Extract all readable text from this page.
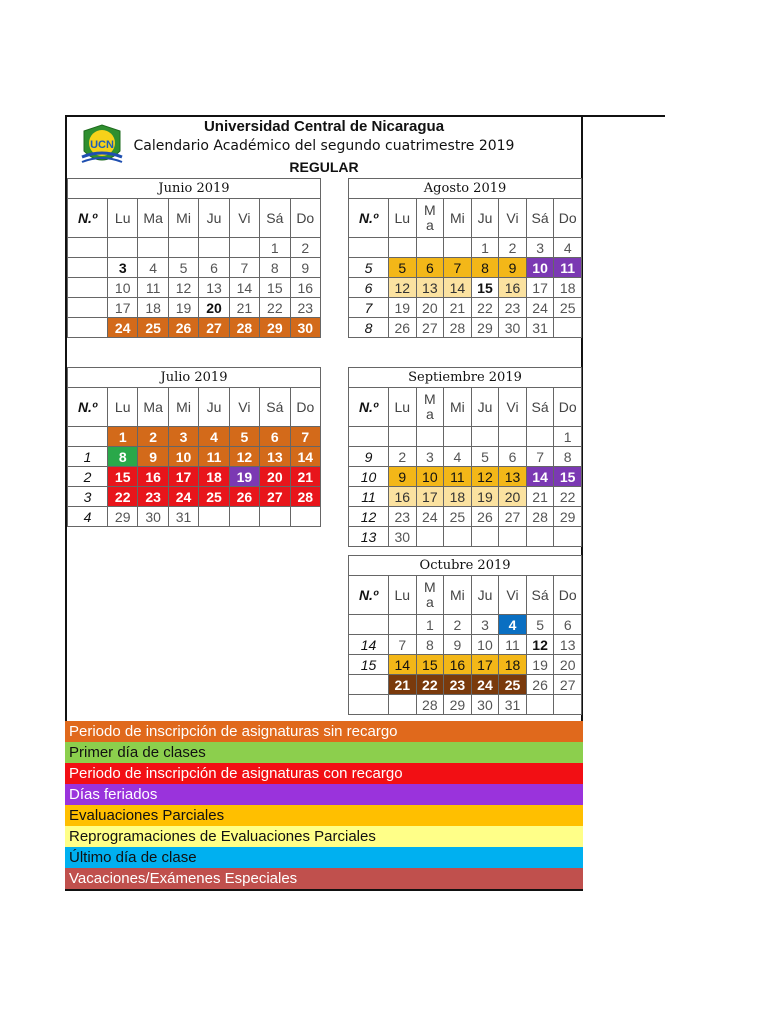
UCN
Universidad Central de Nicaragua
Calendario Académico del segundo cuatrimestre 2019
REGULAR
Junio 2019							
N.º	Lu	Ma	Mi	Ju	Vi	Sá	Do
						1	2
	3	4	5	6	7	8	9
	10	11	12	13	14	15	16
	17	18	19	20	21	22	23
	24	25	26	27	28	29	30
Agosto 2019							
N.º	Lu	M
a	Mi	Ju	Vi	Sá	Do
				1	2	3	4
5	5	6	7	8	9	10	11
6	12	13	14	15	16	17	18
7	19	20	21	22	23	24	25
8	26	27	28	29	30	31	
Julio 2019							
N.º	Lu	Ma	Mi	Ju	Vi	Sá	Do
	1	2	3	4	5	6	7
1	8	9	10	11	12	13	14
2	15	16	17	18	19	20	21
3	22	23	24	25	26	27	28
4	29	30	31				
Septiembre 2019							
N.º	Lu	M
a	Mi	Ju	Vi	Sá	Do
							1
9	2	3	4	5	6	7	8
10	9	10	11	12	13	14	15
11	16	17	18	19	20	21	22
12	23	24	25	26	27	28	29
13	30						
Octubre 2019							
N.º	Lu	M
a	Mi	Ju	Vi	Sá	Do
		1	2	3	4	5	6
14	7	8	9	10	11	12	13
15	14	15	16	17	18	19	20
	21	22	23	24	25	26	27
		28	29	30	31		
Periodo de inscripción de asignaturas sin recargo
Primer día de clases
Periodo de inscripción de asignaturas con recargo
Días feriados
Evaluaciones Parciales
Reprogramaciones de Evaluaciones Parciales
Último día de clase
Vacaciones/Exámenes Especiales
